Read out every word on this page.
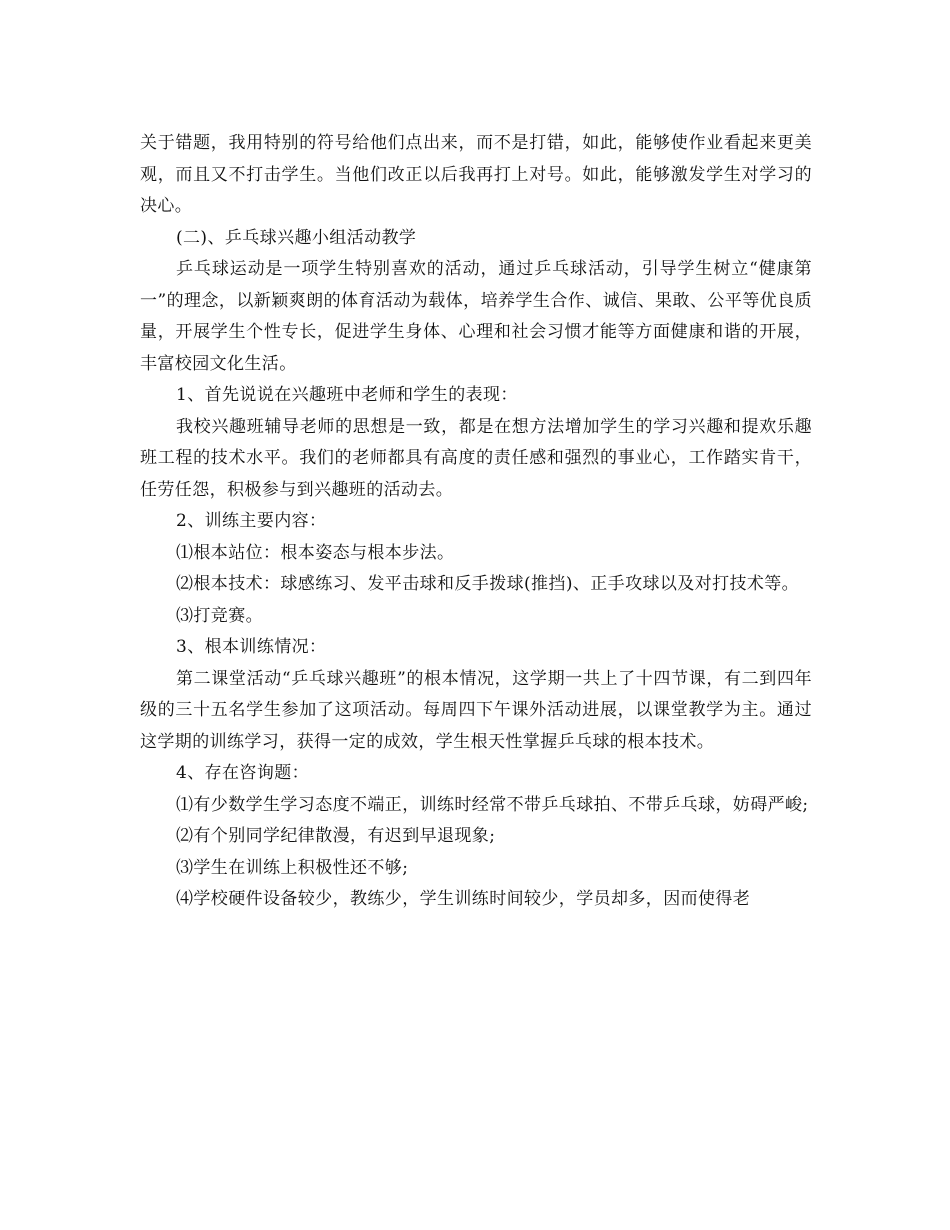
关于错题，我用特别的符号给他们点出来，而不是打错，如此，能够使作业看起来更美观，而且又不打击学生。当他们改正以后我再打上对号。如此，能够激发学生对学习的决心。

(二)、乒乓球兴趣小组活动教学

乒乓球运动是一项学生特别喜欢的活动，通过乒乓球活动，引导学生树立“健康第一”的理念，以新颖爽朗的体育活动为载体，培养学生合作、诚信、果敢、公平等优良质量，开展学生个性专长，促进学生身体、心理和社会习惯才能等方面健康和谐的开展，丰富校园文化生活。

1、首先说说在兴趣班中老师和学生的表现：

我校兴趣班辅导老师的思想是一致，都是在想方法增加学生的学习兴趣和提欢乐趣班工程的技术水平。我们的老师都具有高度的责任感和强烈的事业心，工作踏实肯干，任劳任怨，积极参与到兴趣班的活动去。

2、训练主要内容：

⑴根本站位：根本姿态与根本步法。

⑵根本技术：球感练习、发平击球和反手拨球(推挡)、正手攻球以及对打技术等。

⑶打竞赛。

3、根本训练情况：

第二课堂活动“乒乓球兴趣班”的根本情况，这学期一共上了十四节课，有二到四年级的三十五名学生参加了这项活动。每周四下午课外活动进展，以课堂教学为主。通过这学期的训练学习，获得一定的成效，学生根天性掌握乒乓球的根本技术。

4、存在咨询题：

⑴有少数学生学习态度不端正，训练时经常不带乒乓球拍、不带乒乓球，妨碍严峻;

⑵有个别同学纪律散漫，有迟到早退现象;

⑶学生在训练上积极性还不够;

⑷学校硬件设备较少，教练少，学生训练时间较少，学员却多，因而使得老
